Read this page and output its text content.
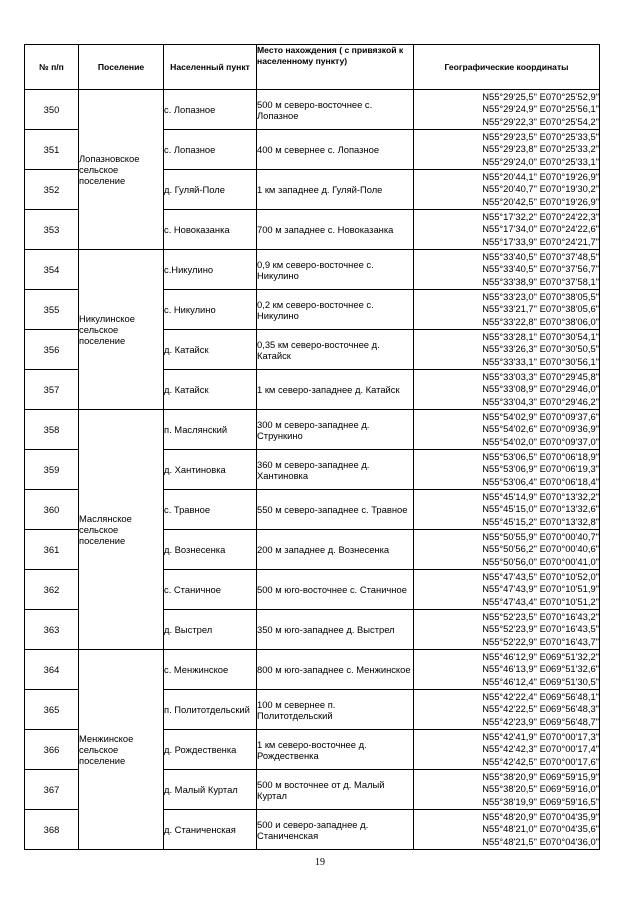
№ п/п	Поселение	Населенный пункт	Место нахождения ( с привязкой к населенному пункту)	Географические координаты
350	Лопазновское сельское поселение	с. Лопазное	500 м северо-восточнее с. Лопазное	N55°29'25,5" E070°25'52,9"
N55°29'24,9" E070°25'56,1"
N55°29'22,3" E070°25'54,2"

351		с. Лопазное	400 м севернее с. Лопазное	N55°29'23,5" E070°25'33,5"
N55°29'23,8" E070°25'33,2"
N55°29'24,0" E070°25'33,1"

352		д. Гуляй-Поле	1 км западнее д. Гуляй-Поле	N55°20'44,1" E070°19'26,9"
N55°20'40,7" E070°19'30,2"
N55°20'42,5" E070°19'26,9"

353		с. Новоказанка	700 м западнее с. Новоказанка	N55°17'32,2" E070°24'22,3"
N55°17'34,0" E070°24'22,6"
N55°17'33,9" E070°24'21,7"

354	Никулинское сельское поселение	с.Никулино	0,9 км северо-восточнее с. Никулино	N55°33'40,5" E070°37'48,5"
N55°33'40,5" E070°37'56,7"
N55°33'38,9" E070°37'58,1"

355		с. Никулино	0,2 км северо-восточнее с. Никулино	N55°33'23,0" E070°38'05,5"
N55°33'21,7" E070°38'05,6"
N55°33'22,8" E070°38'06,0"

356		д. Катайск	0,35 км северо-восточнее д. Катайск	N55°33'28,1" E070°30'54,1"
N55°33'26,3" E070°30'50,5"
N55°33'33,1" E070°30'56,1"

357		д. Катайск	1 км северо-западнее д. Катайск	N55°33'03,3" E070°29'45,8"
N55°33'08,9" E070°29'46,0"
N55°33'04,3" E070°29'46,2"

358	Маслянское сельское поселение	п. Маслянский	300 м северо-западнее д. Стрункино	N55°54'02,9" E070°09'37,6"
N55°54'02,6" E070°09'36,9"
N55°54'02,0" E070°09'37,0"

359		д. Хантиновка	360 м северо-западнее д. Хантиновка	N55°53'06,5" E070°06'18,9"
N55°53'06,9" E070°06'19,3"
N55°53'06,4" E070°06'18,4"

360		с. Травное	550 м северо-западнее с. Травное	N55°45'14,9" E070°13'32,2"
N55°45'15,0" E070°13'32,6"
N55°45'15,2" E070°13'32,8"

361		д. Вознесенка	200 м западнее д. Вознесенка	N55°50'55,9" E070°00'40,7"
N55°50'56,2" E070°00'40,6"
N55°50'56,0" E070°00'41,0"

362		с. Станичное	500 м юго-восточнее с. Станичное	N55°47'43,5" E070°10'52,0"
N55°47'43,9" E070°10'51,9"
N55°47'43,4" E070°10'51,2"

363		д. Выстрел	350 м юго-западнее д. Выстрел	N55°52'23,5" E070°16'43,2"
N55°52'23,9" E070°16'43,5"
N55°52'22,9" E070°16'43,7"

364	Менжинское сельское поселение	с. Менжинское	800 м юго-западнее с. Менжинское	N55°46'12,9" E069°51'32,2"
N55°46'13,9" E069°51'32,6"
N55°46'12,4" E069°51'30,5"

365		п. Политотдельский	100 м севернее п. Политотдельский	N55°42'22,4" E069°56'48,1"
N55°42'22,5" E069°56'48,3"
N55°42'23,9" E069°56'48,7"

366		д. Рождественка	1 км северо-восточнее д. Рождественка	N55°42'41,9" E070°00'17,3"
N55°42'42,3" E070°00'17,4"
N55°42'42,5" E070°00'17,6"

367		д. Малый Куртал	500 м восточнее от д. Малый Куртал	N55°38'20,9" E069°59'15,9"
N55°38'20,5" E069°59'16,0"
N55°38'19,9" E069°59'16,5"

368		д. Станиченская	500 и северо-западнее д. Станиченская	N55°48'20,9" E070°04'35,9"
N55°48'21,0" E070°04'35,6"
N55°48'21,5" E070°04'36,0"
19
